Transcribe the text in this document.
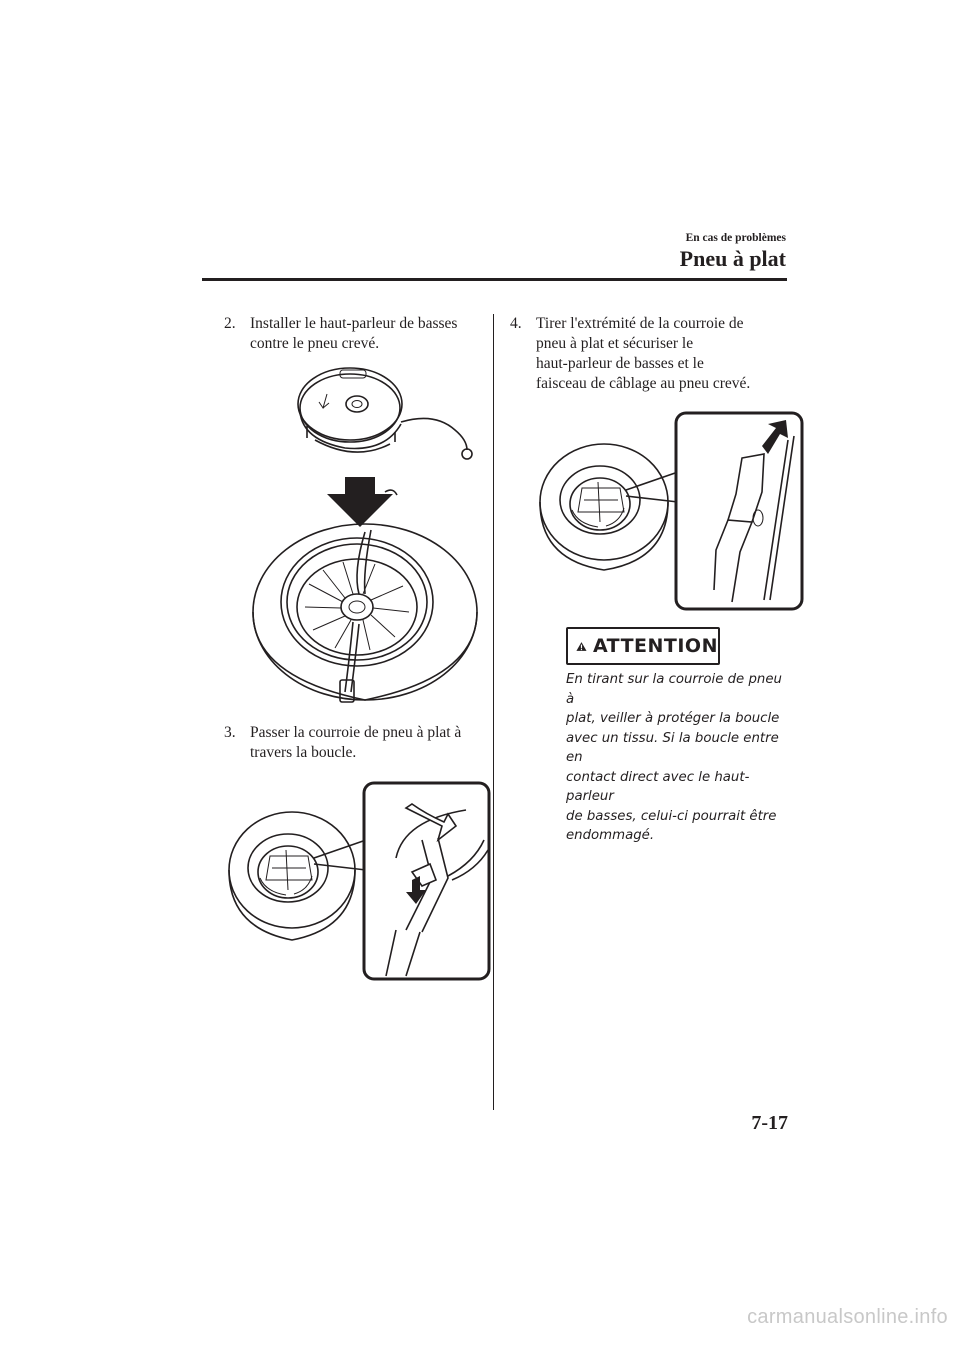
En cas de problèmes
Pneu à plat
2. Installer le haut-parleur de basses
contre le pneu crevé.
3. Passer la courroie de pneu à plat à
travers la boucle.
4. Tirer l'extrémité de la courroie de
pneu à plat et sécuriser le
haut-parleur de basses et le
faisceau de câblage au pneu crevé.
ATTENTION
En tirant sur la courroie de pneu à
plat, veiller à protéger la boucle
avec un tissu. Si la boucle entre en
contact direct avec le haut-parleur
de basses, celui-ci pourrait être
endommagé.
7-17
carmanualsonline.info
